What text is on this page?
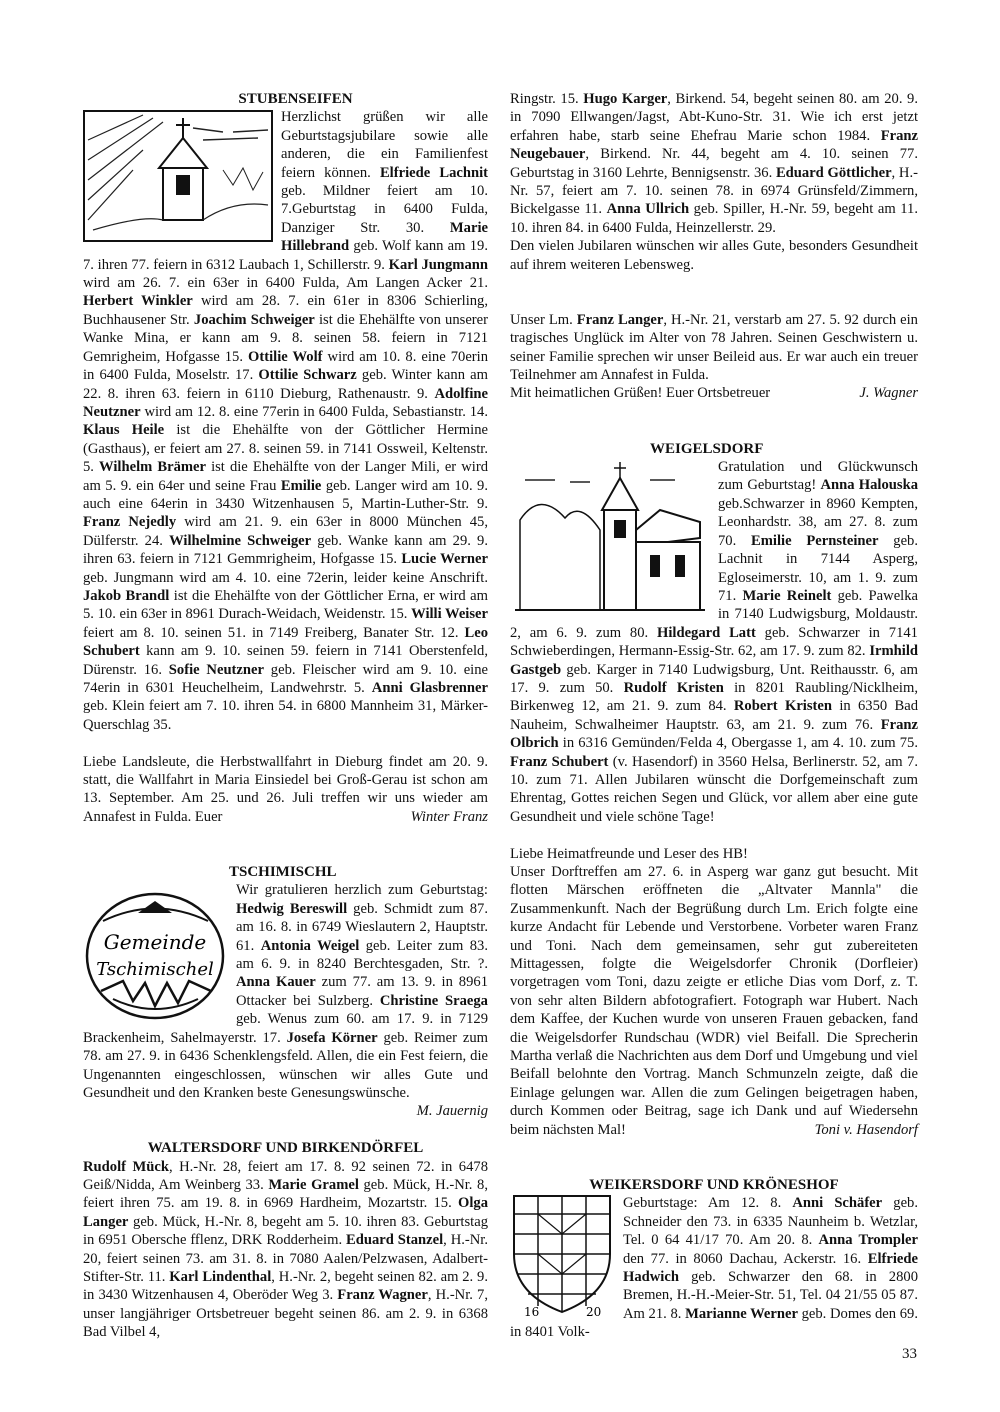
STUBENSEIFEN

Herzlichst grüßen wir alle Geburtstagsjubilare sowie alle anderen, die ein Familienfest feiern können. Elfriede Lachnit geb. Mildner feiert am 10. 7.Geburtstag in 6400 Fulda, Danziger Str. 30. Marie Hillebrand geb. Wolf kann am 19. 7. ihren 77. feiern in 6312 Laubach 1, Schillerstr. 9. Karl Jungmann wird am 26. 7. ein 63er in 6400 Fulda, Am Langen Acker 21. Herbert Winkler wird am 28. 7. ein 61er in 8306 Schierling, Buchhausener Str. Joachim Schweiger ist die Ehehälfte von unserer Wanke Mina, er kann am 9. 8. seinen 58. feiern in 7121 Gemrigheim, Hofgasse 15. Ottilie Wolf wird am 10. 8. eine 70erin in 6400 Fulda, Moselstr. 17. Ottilie Schwarz geb. Winter kann am 22. 8. ihren 63. feiern in 6110 Dieburg, Rathenaustr. 9. Adolfine Neutzner wird am 12. 8. eine 77erin in 6400 Fulda, Sebastianstr. 14. Klaus Heile ist die Ehehälfte von der Göttlicher Hermine (Gasthaus), er feiert am 27. 8. seinen 59. in 7141 Ossweil, Keltenstr. 5. Wilhelm Brämer ist die Ehehälfte von der Langer Mili, er wird am 5. 9. ein 64er und seine Frau Emilie geb. Langer wird am 10. 9. auch eine 64erin in 3430 Witzenhausen 5, Martin-Luther-Str. 9. Franz Nejedly wird am 21. 9. ein 63er in 8000 München 45, Dülferstr. 24. Wilhelmine Schweiger geb. Wanke kann am 29. 9. ihren 63. feiern in 7121 Gemmrigheim, Hofgasse 15. Lucie Werner geb. Jungmann wird am 4. 10. eine 72erin, leider keine Anschrift. Jakob Brandl ist die Ehehälfte von der Göttlicher Erna, er wird am 5. 10. ein 63er in 8961 Durach-Weidach, Weidenstr. 15. Willi Weiser feiert am 8. 10. seinen 51. in 7149 Freiberg, Banater Str. 12. Leo Schubert kann am 9. 10. seinen 59. feiern in 7141 Oberstenfeld, Dürenstr. 16. Sofie Neutzner geb. Fleischer wird am 9. 10. eine 74erin in 6301 Heuchelheim, Landwehrstr. 5. Anni Glasbrenner geb. Klein feiert am 7. 10. ihren 54. in 6800 Mannheim 31, Märker-Querschlag 35.

Liebe Landsleute, die Herbstwallfahrt in Dieburg findet am 20. 9. statt, die Wallfahrt in Maria Einsiedel bei Groß-Gerau ist schon am 13. September. Am 25. und 26. Juli treffen wir uns wieder am Annafest in Fulda. Euer	Winter Franz

TSCHIMISCHL
Gemeinde
Tschimischel

Wir gratulieren herzlich zum Geburtstag: Hedwig Bereswill geb. Schmidt zum 87. am 16. 8. in 6749 Wieslautern 2, Hauptstr. 61. Antonia Weigel geb. Leiter zum 83. am 6. 9. in 8240 Berchtesgaden, Str. ?. Anna Kauer zum 77. am 13. 9. in 8961 Ottacker bei Sulzberg. Christine Sraega geb. Wenus zum 60. am 17. 9. in 7129 Brackenheim, Sahelmayerstr. 17. Josefa Körner geb. Reimer zum 78. am 27. 9. in 6436 Schenklengsfeld. Allen, die ein Fest feiern, die Ungenannten eingeschlossen, wünschen wir alles Gute und Gesundheit und den Kranken beste Genesungswünsche.

M. Jauernig

WALTERSDORF UND BIRKENDÖRFEL

Rudolf Mück, H.-Nr. 28, feiert am 17. 8. 92 seinen 72. in 6478 Geiß/Nidda, Am Weinberg 33. Marie Gramel geb. Mück, H.-Nr. 8, feiert ihren 75. am 19. 8. in 6969 Hardheim, Mozartstr. 15. Olga Langer geb. Mück, H.-Nr. 8, begeht am 5. 10. ihren 83. Geburtstag in 6951 Obersche fflenz, DRK Rodderheim. Eduard Stanzel, H.-Nr. 20, feiert seinen 73. am 31. 8. in 7080 Aalen/Pelzwasen, Adalbert-Stifter-Str. 11. Karl Lindenthal, H.-Nr. 2, begeht seinen 82. am 2. 9. in 3430 Witzenhausen 4, Oberöder Weg 3. Franz Wagner, H.-Nr. 7, unser langjähriger Ortsbetreuer begeht seinen 86. am 2. 9. in 6368 Bad Vilbel 4,

Ringstr. 15. Hugo Karger, Birkend. 54, begeht seinen 80. am 20. 9. in 7090 Ellwangen/Jagst, Abt-Kuno-Str. 31. Wie ich erst jetzt erfahren habe, starb seine Ehefrau Marie schon 1984. Franz Neugebauer, Birkend. Nr. 44, begeht am 4. 10. seinen 77. Geburtstag in 3160 Lehrte, Bennigsenstr. 36. Eduard Göttlicher, H.-Nr. 57, feiert am 7. 10. seinen 78. in 6974 Grünsfeld/Zimmern, Bickelgasse 11. Anna Ullrich geb. Spiller, H.-Nr. 59, begeht am 11. 10. ihren 84. in 6400 Fulda, Heinzellerstr. 29.

Den vielen Jubilaren wünschen wir alles Gute, besonders Gesundheit auf ihrem weiteren Lebensweg.

Unser Lm. Franz Langer, H.-Nr. 21, verstarb am 27. 5. 92 durch ein tragisches Unglück im Alter von 78 Jahren. Seinen Geschwistern u. seiner Familie sprechen wir unser Beileid aus. Er war auch ein treuer Teilnehmer am Annafest in Fulda.

Mit heimatlichen Grüßen! Euer Ortsbetreuer	J. Wagner

WEIGELSDORF

Gratulation und Glückwunsch zum Geburtstag! Anna Halouska geb.Schwarzer in 8960 Kempten, Leonhardstr. 38, am 27. 8. zum 70. Emilie Pernsteiner geb. Lachnit in 7144 Asperg, Egloseimerstr. 10, am 1. 9. zum 71. Marie Reinelt geb. Pawelka in 7140 Ludwigsburg, Moldaustr. 2, am 6. 9. zum 80. Hildegard Latt geb. Schwarzer in 7141 Schwieberdingen, Hermann-Essig-Str. 62, am 17. 9. zum 82. Irmhild Gastgeb geb. Karger in 7140 Ludwigsburg, Unt. Reithausstr. 6, am 17. 9. zum 50. Rudolf Kristen in 8201 Raubling/Nicklheim, Birkenweg 12, am 21. 9. zum 84. Robert Kristen in 6350 Bad Nauheim, Schwalheimer Hauptstr. 63, am 21. 9. zum 76. Franz Olbrich in 6316 Gemünden/Felda 4, Obergasse 1, am 4. 10. zum 75. Franz Schubert (v. Hasendorf) in 3560 Helsa, Berlinerstr. 52, am 7. 10. zum 71. Allen Jubilaren wünscht die Dorfgemeinschaft zum Ehrentag, Gottes reichen Segen und Glück, vor allem aber eine gute Gesundheit und viele schöne Tage!

Liebe Heimatfreunde und Leser des HB!

Unser Dorftreffen am 27. 6. in Asperg war ganz gut besucht. Mit flotten Märschen eröffneten die „Altvater Mannla" die Zusammenkunft. Nach der Begrüßung durch Lm. Erich folgte eine kurze Andacht für Lebende und Verstorbene. Vorbeter waren Franz und Toni. Nach dem gemeinsamen, sehr gut zubereiteten Mittagessen, folgte die Weigelsdorfer Chronik (Dorfleier) vorgetragen vom Toni, dazu zeigte er etliche Dias vom Dorf, z. T. von sehr alten Bildern abfotografiert. Fotograph war Hubert. Nach dem Kaffee, der Kuchen wurde von unseren Frauen gebacken, fand die Weigelsdorfer Rundschau (WDR) viel Beifall. Die Sprecherin Martha verlaß die Nachrichten aus dem Dorf und Umgebung und viel Beifall belohnte den Vortrag. Manch Schmunzeln zeigte, daß die Einlage gelungen war. Allen die zum Gelingen beigetragen haben, durch Kommen oder Beitrag, sage ich Dank und auf Wiedersehn beim nächsten Mal!	Toni v. Hasendorf

WEIKERSDORF UND KRÖNESHOF
16	20

Geburtstage: Am 12. 8. Anni Schäfer geb. Schneider den 73. in 6335 Naunheim b. Wetzlar, Tel. 0 64 41/17 70. Am 20. 8. Anna Trompler den 77. in 8060 Dachau, Ackerstr. 16. Elfriede Hadwich geb. Schwarzer den 68. in 2800 Bremen, H.-H.-Meier-Str. 51, Tel. 04 21/55 05 87. Am 21. 8. Marianne Werner geb. Domes den 69. in 8401 Volk-

33
